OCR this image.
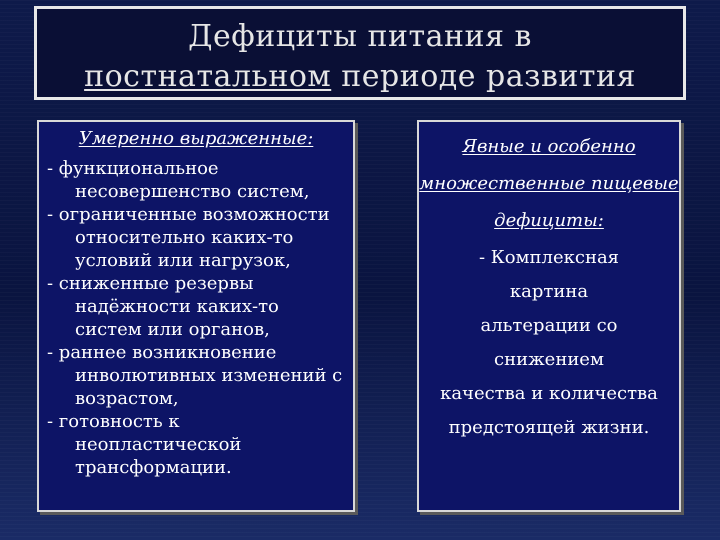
Дефициты питания в
постнатальном периоде развития
Умеренно выраженные:
- функциональное несовершенство систем,
- ограниченные возможности относительно каких-то условий или нагрузок,
- сниженные резервы надёжности каких-то систем или органов,
- раннее возникновение инволютивных изменений с возрастом,
- готовность к неопластической трансформации.
Явные и особенно
множественные пищевые
дефициты:
- Комплексная
картина
альтерации со
снижением
качества и количества
предстоящей жизни.
